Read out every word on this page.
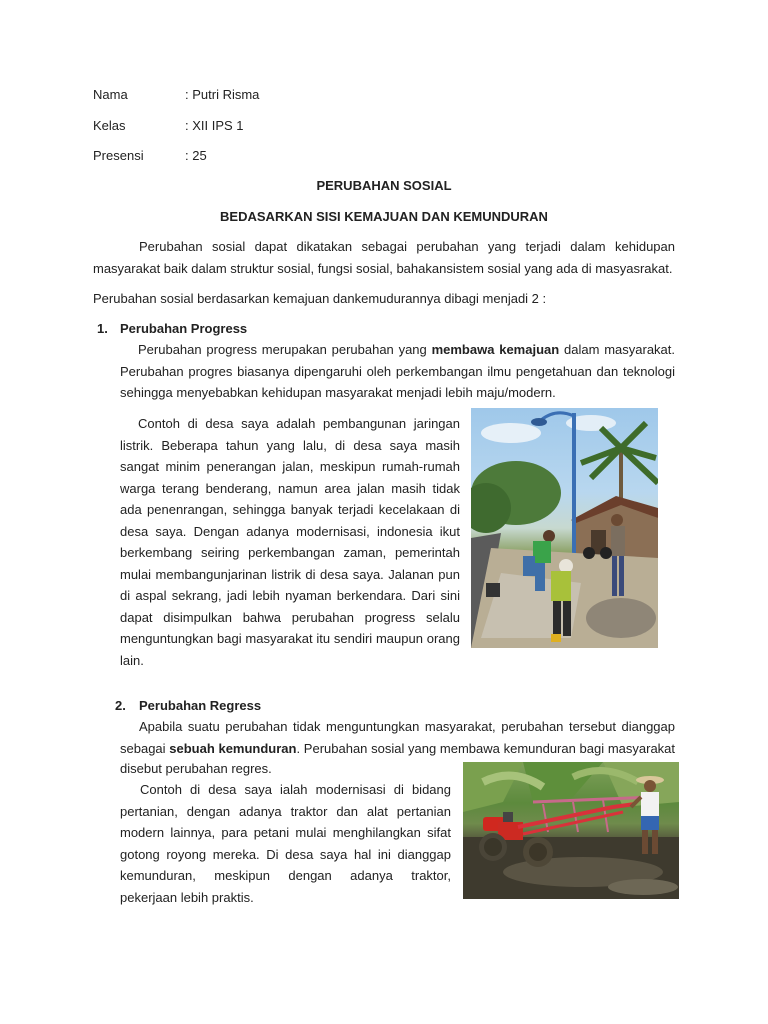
Nama	: Putri Risma
Kelas	: XII IPS 1
Presensi	: 25
PERUBAHAN SOSIAL
BEDASARKAN SISI KEMAJUAN DAN KEMUNDURAN

Perubahan sosial dapat dikatakan sebagai perubahan yang terjadi dalam kehidupan masyarakat baik dalam struktur sosial, fungsi sosial, bahakansistem sosial yang ada di masyasrakat.

Perubahan sosial berdasarkan kemajuan dankemudurannya dibagi menjadi 2 :
1. Perubahan Progress

Perubahan progress merupakan perubahan yang membawa kemajuan dalam masyarakat. Perubahan progres biasanya dipengaruhi oleh perkembangan ilmu pengetahuan dan teknologi sehingga menyebabkan kehidupan masyarakat menjadi lebih maju/modern.

Contoh di desa saya adalah pembangunan jaringan listrik. Beberapa tahun yang lalu, di desa saya masih sangat minim penerangan jalan, meskipun rumah-rumah warga terang benderang, namun area jalan masih tidak ada penenrangan, sehingga banyak terjadi kecelakaan di desa saya. Dengan adanya modernisasi, indonesia ikut berkembang seiring perkembangan zaman, pemerintah mulai membangunjarinan listrik di desa saya. Jalanan pun di aspal sekrang, jadi lebih nyaman berkendara. Dari sini dapat disimpulkan bahwa perubahan progress selalu menguntungkan bagi masyarakat itu sendiri maupun orang lain.

2. Perubahan Regress

Apabila suatu perubahan tidak menguntungkan masyarakat, perubahan tersebut dianggap sebagai sebuah kemunduran. Perubahan sosial yang membawa kemunduran bagi masyarakat

disebut perubahan regres.

Contoh di desa saya ialah modernisasi di bidang pertanian, dengan adanya traktor dan alat pertanian modern lainnya, para petani mulai menghilangkan sifat gotong royong mereka. Di desa saya hal ini dianggap kemunduran, meskipun dengan adanya traktor, pekerjaan lebih praktis.
